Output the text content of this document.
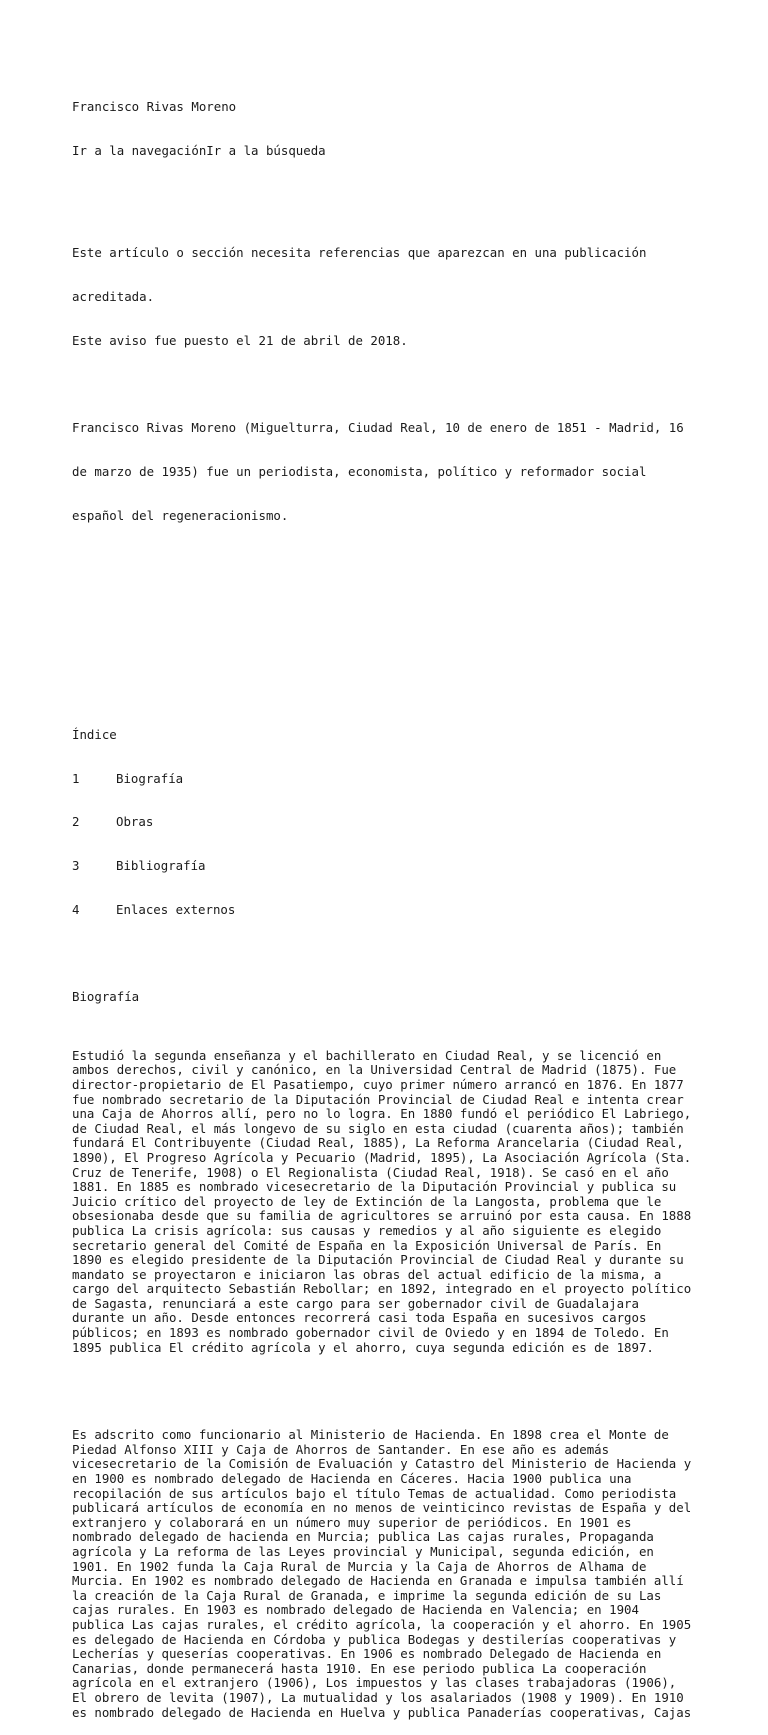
Francisco Rivas Moreno

Ir a la navegaciónIr a la búsqueda

Este artículo o sección necesita referencias que aparezcan en una publicación

acreditada.

Este aviso fue puesto el 21 de abril de 2018.

Francisco Rivas Moreno (Miguelturra, Ciudad Real, 10 de enero de 1851 - Madrid, 16

de marzo de 1935) fue un periodista, economista, político y reformador social

español del regeneracionismo.

Índice

1	Biografía

2	Obras

3	Bibliografía

4	Enlaces externos

Biografía

Estudió la segunda enseñanza y el bachillerato en Ciudad Real, y se licenció en
ambos derechos, civil y canónico, en la Universidad Central de Madrid (1875). Fue
director-propietario de El Pasatiempo, cuyo primer número arrancó en 1876. En 1877
fue nombrado secretario de la Diputación Provincial de Ciudad Real e intenta crear
una Caja de Ahorros allí, pero no lo logra. En 1880 fundó el periódico El Labriego,
de Ciudad Real, el más longevo de su siglo en esta ciudad (cuarenta años); también
fundará El Contribuyente (Ciudad Real, 1885), La Reforma Arancelaria (Ciudad Real,
1890), El Progreso Agrícola y Pecuario (Madrid, 1895), La Asociación Agrícola (Sta.
Cruz de Tenerife, 1908) o El Regionalista (Ciudad Real, 1918). Se casó en el año
1881. En 1885 es nombrado vicesecretario de la Diputación Provincial y publica su
Juicio crítico del proyecto de ley de Extinción de la Langosta, problema que le
obsesionaba desde que su familia de agricultores se arruinó por esta causa. En 1888
publica La crisis agrícola: sus causas y remedios y al año siguiente es elegido
secretario general del Comité de España en la Exposición Universal de París. En
1890 es elegido presidente de la Diputación Provincial de Ciudad Real y durante su
mandato se proyectaron e iniciaron las obras del actual edificio de la misma, a
cargo del arquitecto Sebastián Rebollar; en 1892, integrado en el proyecto político
de Sagasta, renunciará a este cargo para ser gobernador civil de Guadalajara
durante un año. Desde entonces recorrerá casi toda España en sucesivos cargos
públicos; en 1893 es nombrado gobernador civil de Oviedo y en 1894 de Toledo. En
1895 publica El crédito agrícola y el ahorro, cuya segunda edición es de 1897.

Es adscrito como funcionario al Ministerio de Hacienda. En 1898 crea el Monte de
Piedad Alfonso XIII y Caja de Ahorros de Santander. En ese año es además
vicesecretario de la Comisión de Evaluación y Catastro del Ministerio de Hacienda y
en 1900 es nombrado delegado de Hacienda en Cáceres. Hacia 1900 publica una
recopilación de sus artículos bajo el título Temas de actualidad. Como periodista
publicará artículos de economía en no menos de veinticinco revistas de España y del
extranjero y colaborará en un número muy superior de periódicos. En 1901 es
nombrado delegado de hacienda en Murcia; publica Las cajas rurales, Propaganda
agrícola y La reforma de las Leyes provincial y Municipal, segunda edición, en
1901. En 1902 funda la Caja Rural de Murcia y la Caja de Ahorros de Alhama de
Murcia. En 1902 es nombrado delegado de Hacienda en Granada e impulsa también allí
la creación de la Caja Rural de Granada, e imprime la segunda edición de su Las
cajas rurales. En 1903 es nombrado delegado de Hacienda en Valencia; en 1904
publica Las cajas rurales, el crédito agrícola, la cooperación y el ahorro. En 1905
es delegado de Hacienda en Córdoba y publica Bodegas y destilerías cooperativas y
Lecherías y queserías cooperativas. En 1906 es nombrado Delegado de Hacienda en
Canarias, donde permanecerá hasta 1910. En ese periodo publica La cooperación
agrícola en el extranjero (1906), Los impuestos y las clases trabajadoras (1906),
El obrero de levita (1907), La mutualidad y los asalariados (1908 y 1909). En 1910
es nombrado delegado de Hacienda en Huelva y publica Panaderías cooperativas, Cajas
